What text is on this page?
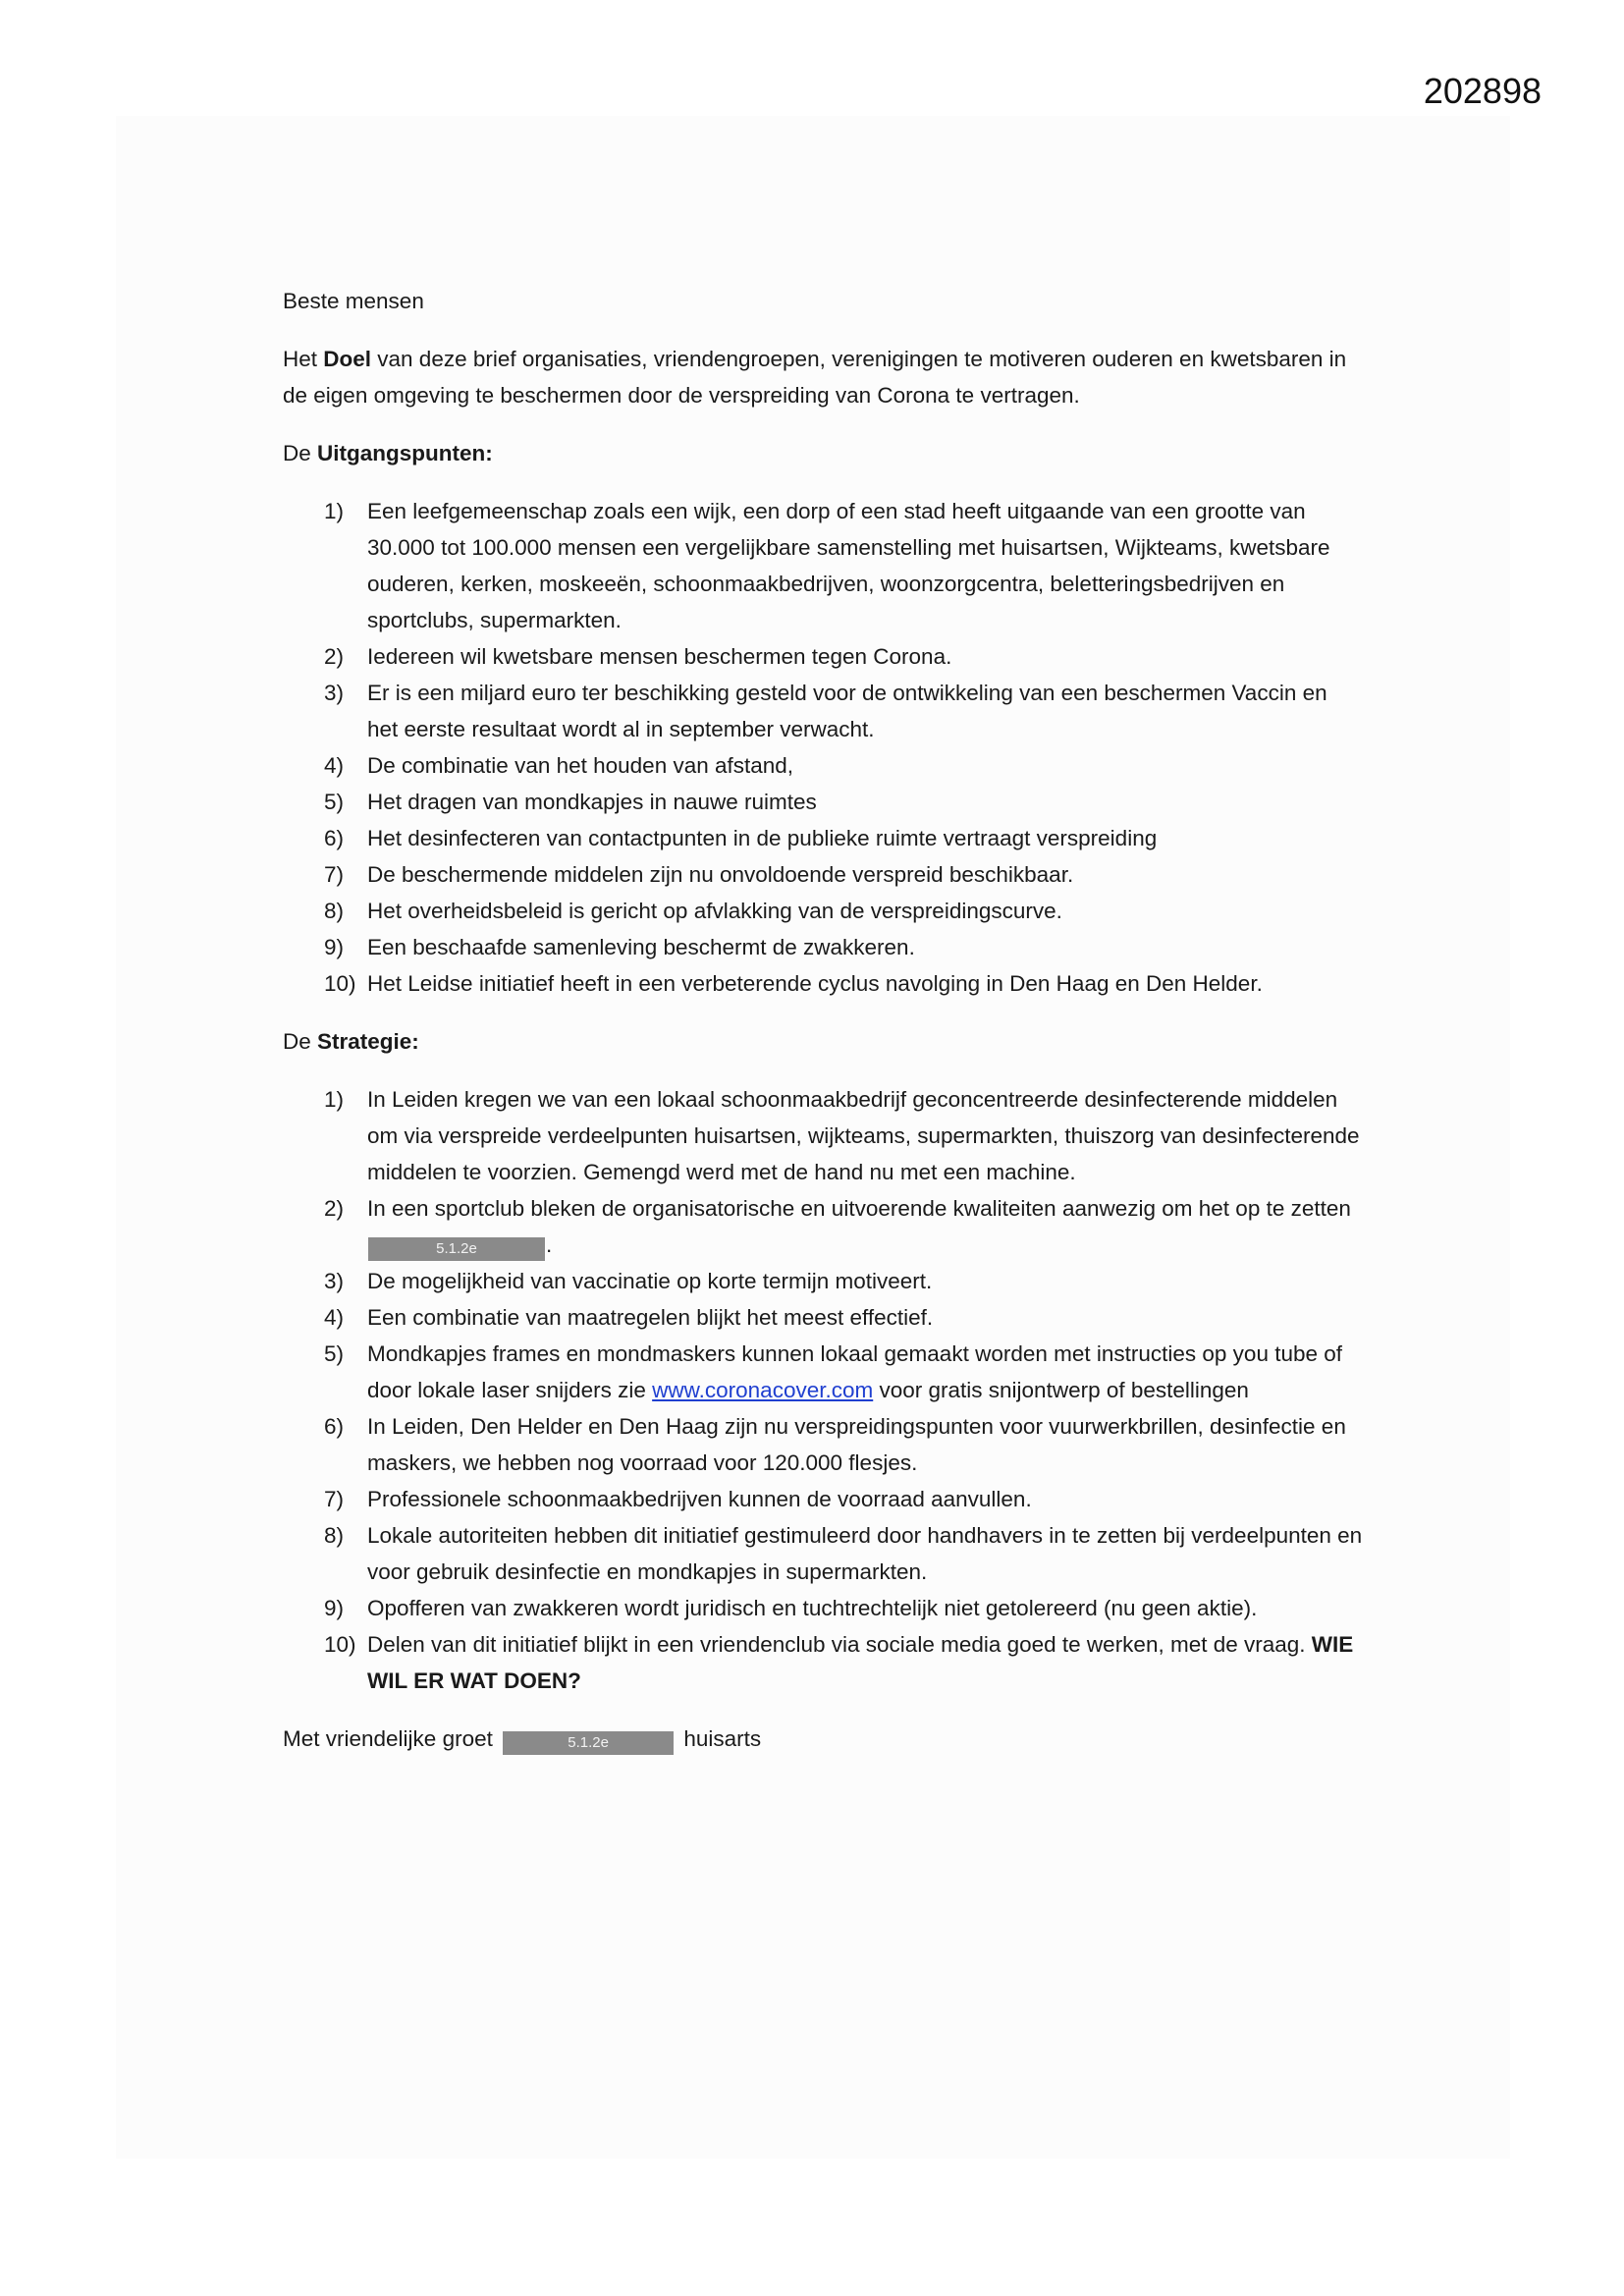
202898

Beste mensen

Het Doel van deze brief organisaties, vriendengroepen, verenigingen te motiveren ouderen en kwetsbaren in de eigen omgeving te beschermen door de verspreiding van Corona te vertragen.

De Uitgangspunten:

1) Een leefgemeenschap zoals een wijk, een dorp of een stad heeft uitgaande van een grootte van 30.000 tot 100.000 mensen een vergelijkbare samenstelling met huisartsen, Wijkteams, kwetsbare ouderen, kerken, moskeeën, schoonmaakbedrijven, woonzorgcentra, beletteringsbedrijven en sportclubs, supermarkten.
2) Iedereen wil kwetsbare mensen beschermen tegen Corona.
3) Er is een miljard euro ter beschikking gesteld voor de ontwikkeling van een beschermen Vaccin en het eerste resultaat wordt al in september verwacht.
4) De combinatie van het houden van afstand,
5) Het dragen van mondkapjes in nauwe ruimtes
6) Het desinfecteren van contactpunten in de publieke ruimte vertraagt verspreiding
7) De beschermende middelen zijn nu onvoldoende verspreid beschikbaar.
8) Het overheidsbeleid is gericht op afvlakking van de verspreidingscurve.
9) Een beschaafde samenleving beschermt de zwakkeren.
10) Het Leidse initiatief heeft in een verbeterende cyclus navolging in Den Haag en Den Helder.

De Strategie:

1) In Leiden kregen we van een lokaal schoonmaakbedrijf geconcentreerde desinfecterende middelen om via verspreide verdeelpunten huisartsen, wijkteams, supermarkten, thuiszorg van desinfecterende middelen te voorzien. Gemengd werd met de hand nu met een machine.
2) In een sportclub bleken de organisatorische en uitvoerende kwaliteiten aanwezig om het op te zetten5.1.2e	.
3) De mogelijkheid van vaccinatie op korte termijn motiveert.
4) Een combinatie van maatregelen blijkt het meest effectief.
5) Mondkapjes frames en mondmaskers kunnen lokaal gemaakt worden met instructies op you tube of door lokale laser snijders zie www.coronacover.com voor gratis snijontwerp of bestellingen
6) In Leiden, Den Helder en Den Haag zijn nu verspreidingspunten voor vuurwerkbrillen, desinfectie en maskers, we hebben nog voorraad voor 120.000 flesjes.
7) Professionele schoonmaakbedrijven kunnen de voorraad aanvullen.
8) Lokale autoriteiten hebben dit initiatief gestimuleerd door handhavers in te zetten bij verdeelpunten en voor gebruik desinfectie en mondkapjes in supermarkten.
9) Opofferen van zwakkeren wordt juridisch en tuchtrechtelijk niet getolereerd (nu geen aktie).
10) Delen van dit initiatief blijkt in een vriendenclub via sociale media goed te werken, met de vraag. WIE WIL ER WAT DOEN?

Met vriendelijke groet	5.1.2e	huisarts
